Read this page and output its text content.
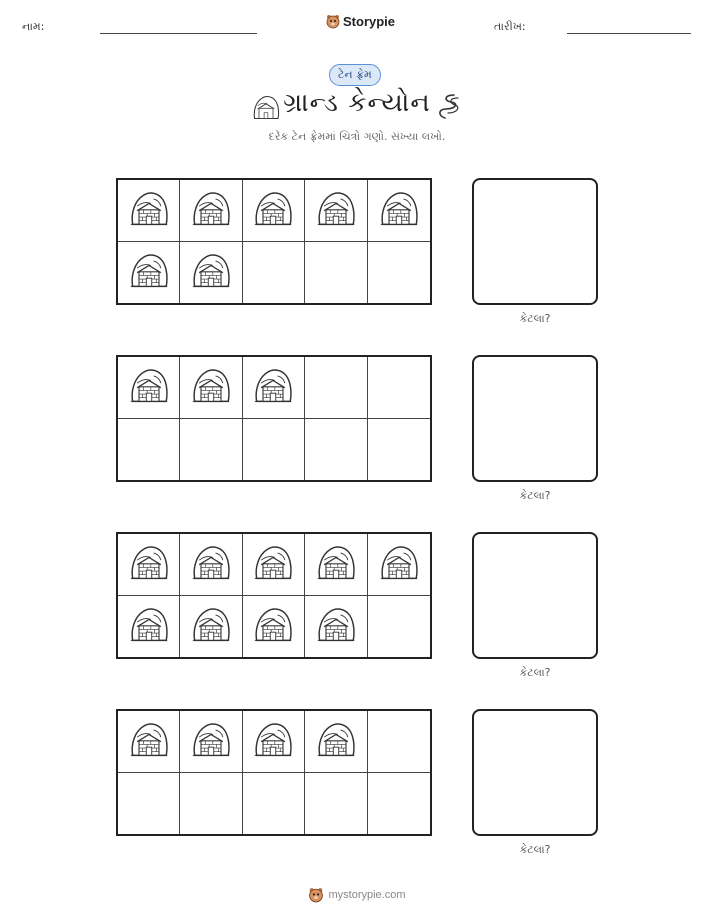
નામ:	Storypie	તારીખ:
ટેન ફ્રેમ
ગ્રાન્ડ કેન્યોન
દરેક ટેન ફ્રેમમાં ચિત્રો ગણો. સંખ્યા લખો.
કેટલા?
કેટલા?
કેટલા?
કેટલા?
mystorypie.com
